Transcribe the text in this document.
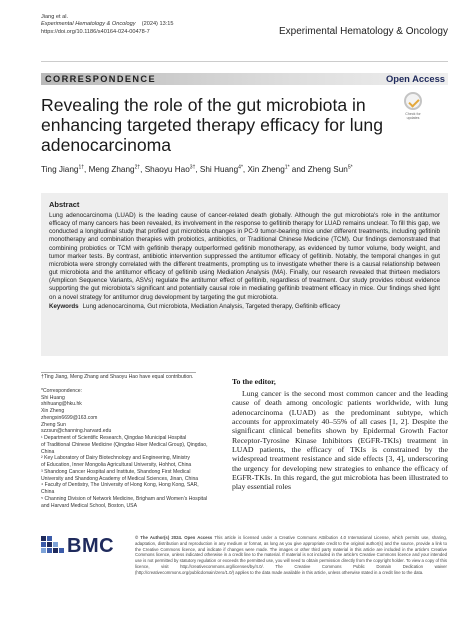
Jiang et al.
Experimental Hematology & Oncology (2024) 13:15
https://doi.org/10.1186/s40164-024-00478-7	Experimental Hematology & Oncology
CORRESPONDENCE	Open Access
Revealing the role of the gut microbiota in enhancing targeted therapy efficacy for lung adenocarcinoma
Check for
updates
Ting Jiang$^{1\dagger}$, Meng Zhang$^{2\dagger}$, Shaoyu Hao$^{3\dagger}$, Shi Huang$^{4*}$, Xin Zheng$^{1*}$ and Zheng Sun$^{5*}$
Abstract
Lung adenocarcinoma (LUAD) is the leading cause of cancer-related death globally. Although the gut microbiota's role in the antitumor efficacy of many cancers has been revealed, its involvement in the response to gefitinib therapy for LUAD remains unclear. To fill this gap, we conducted a longitudinal study that profiled gut microbiota changes in PC-9 tumor-bearing mice under different treatments, including gefitinib monotherapy and combination therapies with probiotics, antibiotics, or Traditional Chinese Medicine (TCM). Our findings demonstrated that combining probiotics or TCM with gefitinib therapy outperformed gefitinib monotherapy, as evidenced by tumor volume, body weight, and tumor marker tests. By contrast, antibiotic intervention suppressed the antitumor efficacy of gefitinib. Notably, the temporal changes in gut microbiota were strongly correlated with the different treatments, prompting us to investigate whether there is a causal relationship between gut microbiota and the antitumor efficacy of gefitinib using Mediation Analysis (MA). Finally, our research revealed that thirteen mediators (Amplicon Sequence Variants, ASVs) regulate the antitumor effect of gefitinib, regardless of treatment. Our study provides robust evidence supporting the gut microbiota's significant and potentially causal role in mediating gefitinib treatment efficacy in mice. Our findings shed light on a novel strategy for antitumor drug development by targeting the gut microbiota.
Keywords Lung adenocarcinoma, Gut microbiota, Mediation Analysis, Targeted therapy, Gefitinib efficacy
†Ting Jiang, Meng Zhang and Shaoyu Hao have equal contribution.
*Correspondence:
Shi Huang
shihuang@hku.hk
Xin Zheng
zhengxin6699@163.com
Zheng Sun
szzsun@channing.harvard.edu
¹ Department of Scientific Research, Qingdao Municipal Hospital
of Traditional Chinese Medicine (Qingdao Hiser Medical Group), Qingdao,
China
² Key Laboratory of Dairy Biotechnology and Engineering, Ministry
of Education, Inner Mongolia Agricultural University, Hohhot, China
³ Shandong Cancer Hospital and Institute, Shandong First Medical
University and Shandong Academy of Medical Sciences, Jinan, China
⁴ Faculty of Dentistry, The University of Hong Kong, Hong Kong, SAR,
China
⁵ Channing Division of Network Medicine, Brigham and Women's Hospital
and Harvard Medical School, Boston, USA
To the editor,
Lung cancer is the second most common cancer and the leading cause of death among oncologic patients worldwide, with lung adenocarcinoma (LUAD) as the predominant subtype, which accounts for approximately 40–55% of all cases [1, 2]. Despite the significant clinical benefits shown by Epidermal Growth Factor Receptor-Tyrosine Kinase Inhibitors (EGFR-TKIs) treatment in LUAD patients, the efficacy of TKIs is constrained by the widespread treatment resistance and side effects [3, 4], underscoring the urgency for developing new strategies to enhance the efficacy of EGFR-TKIs. In this regard, the gut microbiota has been illustrated to play essential roles
BMC	© The Author(s) 2024. Open Access This article is licensed under a Creative Commons Attribution 4.0 International License, which permits use, sharing, adaptation, distribution and reproduction in any medium or format, as long as you give appropriate credit to the original author(s) and the source, provide a link to the Creative Commons licence, and indicate if changes were made. The images or other third party material in this article are included in the article's Creative Commons licence, unless indicated otherwise in a credit line to the material. If material is not included in the article's Creative Commons licence and your intended use is not permitted by statutory regulation or exceeds the permitted use, you will need to obtain permission directly from the copyright holder. To view a copy of this licence, visit http://creativecommons.org/licenses/by/4.0/. The Creative Commons Public Domain Dedication waiver (http://creativecommons.org/publicdomain/zero/1.0/) applies to the data made available in this article, unless otherwise stated in a credit line to the data.
